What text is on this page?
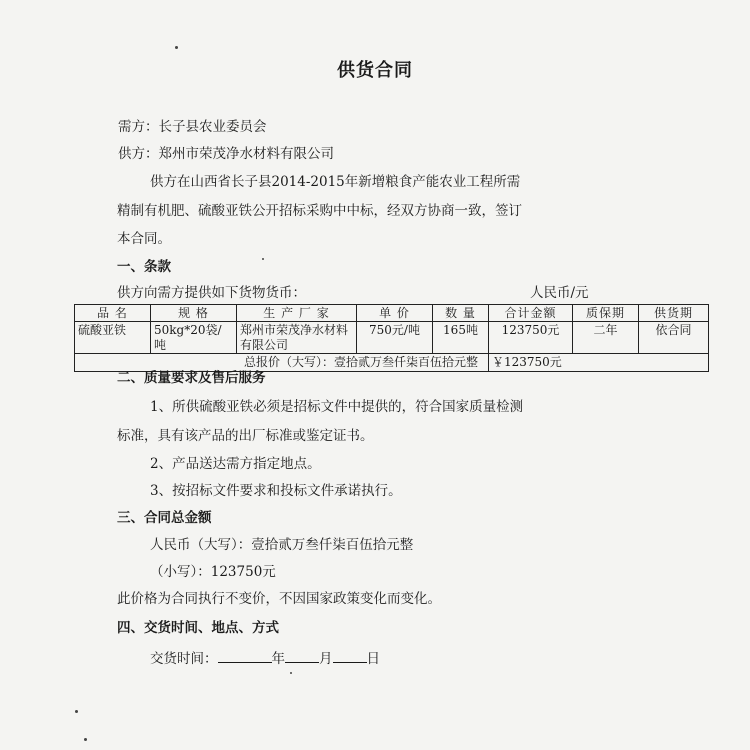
供货合同
需方：长子县农业委员会
供方：郑州市荣茂净水材料有限公司
供方在山西省长子县2014-2015年新增粮食产能农业工程所需
精制有机肥、硫酸亚铁公开招标采购中中标，经双方协商一致，签订
本合同。
一、条款
供方向需方提供如下货物货币：	人民币/元
品 名	规 格	生 产 厂 家	单 价	数 量	合计金额	质保期	供货期
硫酸亚铁	50kg*20袋/吨	郑州市荣茂净水材料有限公司	750元/吨	165吨	123750元	二年	依合同
总报价（大写）：壹拾贰万叁仟柒百伍拾元整					￥123750元		
二、质量要求及售后服务
1、所供硫酸亚铁必须是招标文件中提供的，符合国家质量检测
标准，具有该产品的出厂标准或鉴定证书。
2、产品送达需方指定地点。
3、按招标文件要求和投标文件承诺执行。
三、合同总金额
人民币（大写）：壹拾贰万叁仟柒百伍拾元整
（小写）：123750元
此价格为合同执行不变价，不因国家政策变化而变化。
四、交货时间、地点、方式
交货时间：	年	月	日
